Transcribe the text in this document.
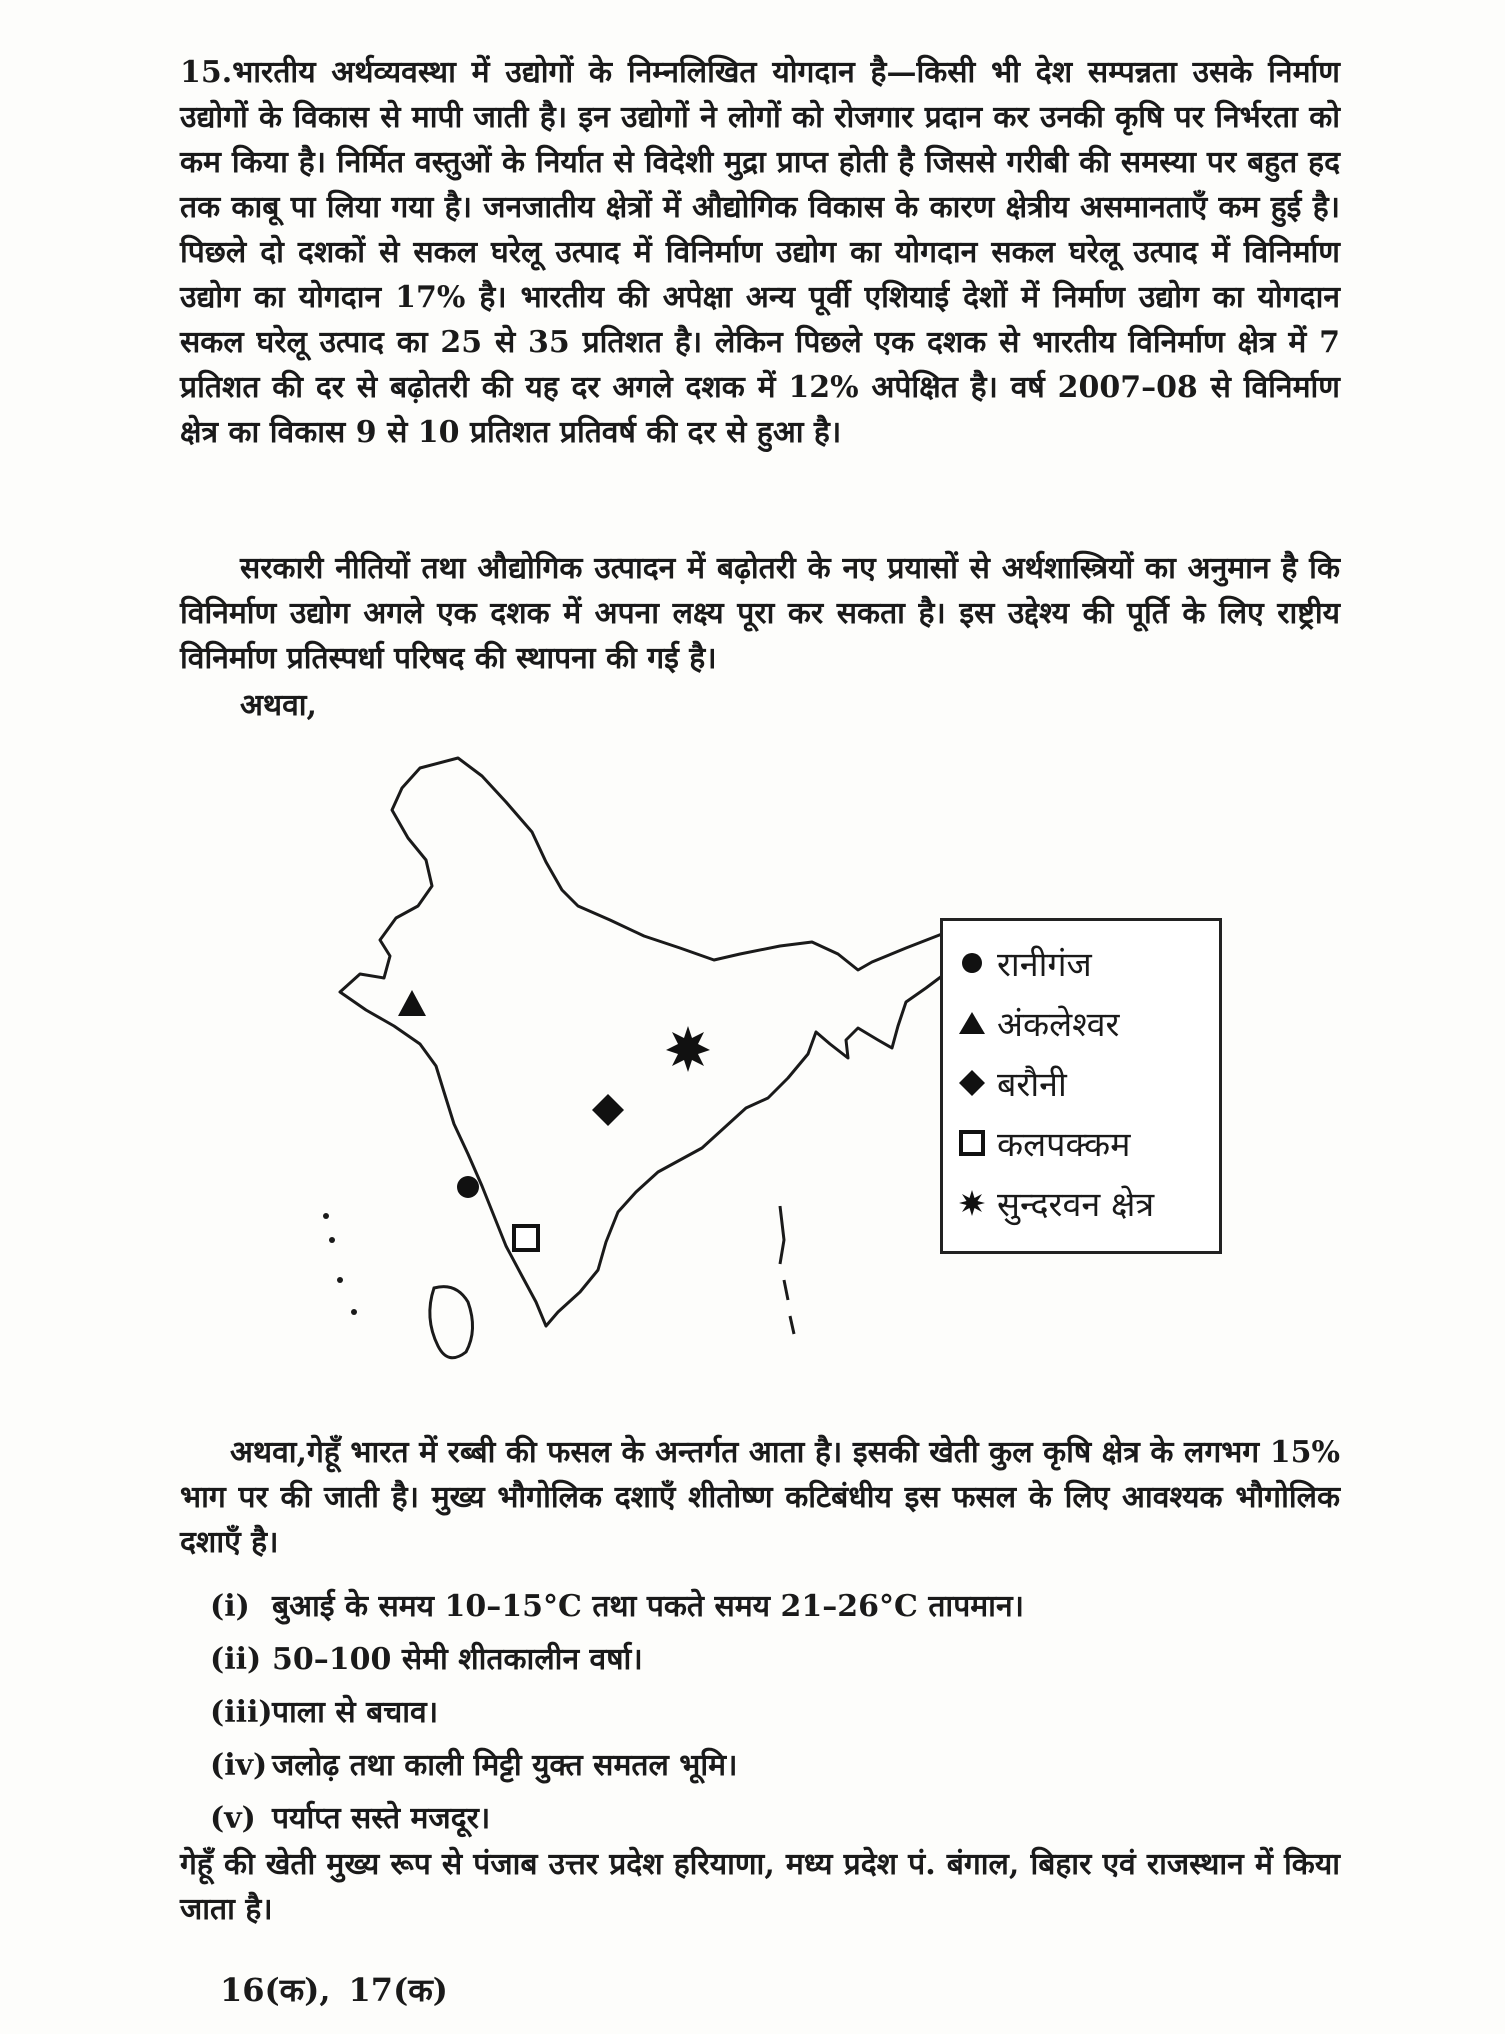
15.भारतीय अर्थव्यवस्था में उद्योगों के निम्नलिखित योगदान है—किसी भी देश सम्पन्नता उसके निर्माण उद्योगों के विकास से मापी जाती है। इन उद्योगों ने लोगों को रोजगार प्रदान कर उनकी कृषि पर निर्भरता को कम किया है। निर्मित वस्तुओं के निर्यात से विदेशी मुद्रा प्राप्त होती है जिससे गरीबी की समस्या पर बहुत हद तक काबू पा लिया गया है। जनजातीय क्षेत्रों में औद्योगिक विकास के कारण क्षेत्रीय असमानताएँ कम हुई है। पिछले दो दशकों से सकल घरेलू उत्पाद में विनिर्माण उद्योग का योगदान सकल घरेलू उत्पाद में विनिर्माण उद्योग का योगदान 17% है। भारतीय की अपेक्षा अन्य पूर्वी एशियाई देशों में निर्माण उद्योग का योगदान सकल घरेलू उत्पाद का 25 से 35 प्रतिशत है। लेकिन पिछले एक दशक से भारतीय विनिर्माण क्षेत्र में 7 प्रतिशत की दर से बढ़ोतरी की यह दर अगले दशक में 12% अपेक्षित है। वर्ष 2007–08 से विनिर्माण क्षेत्र का विकास 9 से 10 प्रतिशत प्रतिवर्ष की दर से हुआ है।

सरकारी नीतियों तथा औद्योगिक उत्पादन में बढ़ोतरी के नए प्रयासों से अर्थशास्त्रियों का अनुमान है कि विनिर्माण उद्योग अगले एक दशक में अपना लक्ष्य पूरा कर सकता है। इस उद्देश्य की पूर्ति के लिए राष्ट्रीय विनिर्माण प्रतिस्पर्धा परिषद की स्थापना की गई है।

अथवा,
रानीगंज
अंकलेश्वर
बरौनी
कलपक्कम
सुन्दरवन क्षेत्र

अथवा,गेहूँ भारत में रब्बी की फसल के अन्तर्गत आता है। इसकी खेती कुल कृषि क्षेत्र के लगभग 15% भाग पर की जाती है। मुख्य भौगोलिक दशाएँ शीतोष्ण कटिबंधीय इस फसल के लिए आवश्यक भौगोलिक दशाएँ है।

(i) बुआई के समय 10–15°C तथा पकते समय 21–26°C तापमान।
(ii) 50–100 सेमी शीतकालीन वर्षा।
(iii)पाला से बचाव।
(iv) जलोढ़ तथा काली मिट्टी युक्त समतल भूमि।
(v) पर्याप्त सस्ते मजदूर।

गेहूँ की खेती मुख्य रूप से पंजाब उत्तर प्रदेश हरियाणा, मध्य प्रदेश पं. बंगाल, बिहार एवं राजस्थान में किया जाता है।

16(क), 17(क)
